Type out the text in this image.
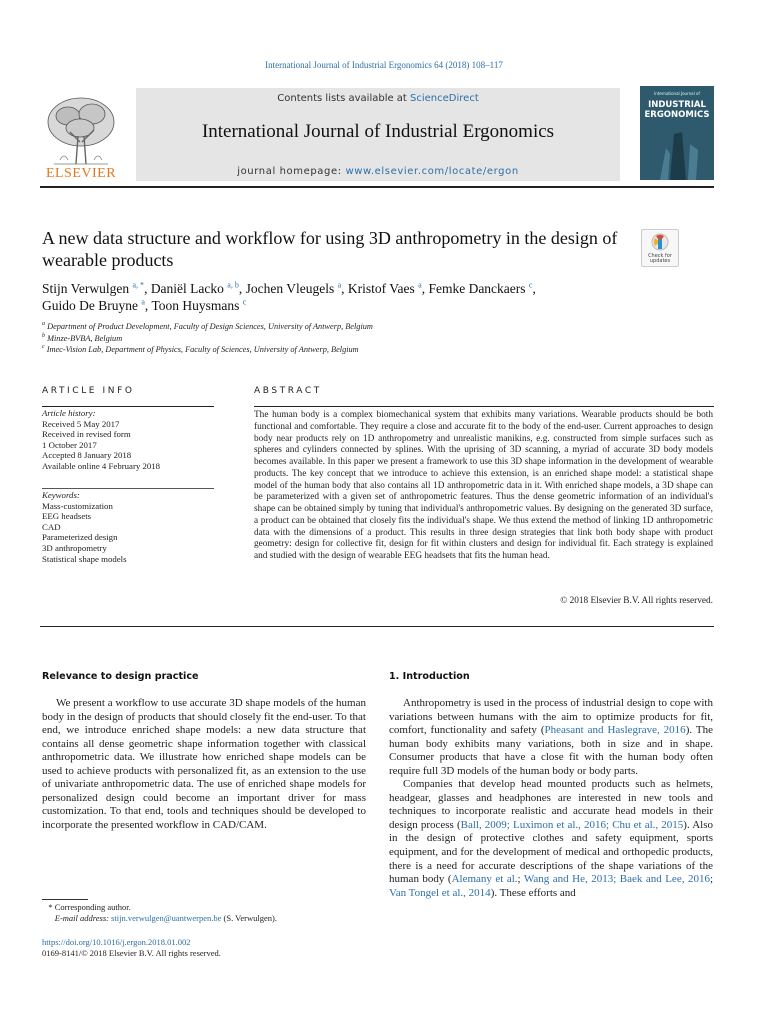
International Journal of Industrial Ergonomics 64 (2018) 108–117
ELSEVIER
Contents lists available at ScienceDirect
International Journal of Industrial Ergonomics
journal homepage: www.elsevier.com/locate/ergon
International Journal of
INDUSTRIAL
ERGONOMICS
A new data structure and workflow for using 3D anthropometry in the design of wearable products	Check for
updates
Stijn Verwulgen $^{a, *}$, Daniël Lacko $^{a, b}$, Jochen Vleugels $^a$, Kristof Vaes $^a$, Femke Danckaers $^c$,
Guido De Bruyne $^a$, Toon Huysmans $^c$
$^a$ Department of Product Development, Faculty of Design Sciences, University of Antwerp, Belgium
$^b$ Minze-BVBA, Belgium
$^c$ Imec-Vision Lab, Department of Physics, Faculty of Sciences, University of Antwerp, Belgium
ARTICLE INFO	ABSTRACT
Article history:
Received 5 May 2017
Received in revised form
1 October 2017
Accepted 8 January 2018
Available online 4 February 2018
Keywords:
Mass-customization
EEG headsets
CAD
Parameterized design
3D anthropometry
Statistical shape models
The human body is a complex biomechanical system that exhibits many variations. Wearable products should be both functional and comfortable. They require a close and accurate fit to the body of the end-user. Current approaches to design body near products rely on 1D anthropometry and unrealistic manikins, e.g. constructed from simple surfaces such as spheres and cylinders connected by splines. With the uprising of 3D scanning, a myriad of accurate 3D body models becomes available. In this paper we present a framework to use this 3D shape information in the development of wearable products. The key concept that we introduce to achieve this extension, is an enriched shape model: a statistical shape model of the human body that also contains all 1D anthropometric data in it. With enriched shape models, a 3D shape can be parameterized with a given set of anthropometric features. Thus the dense geometric information of an individual's shape can be obtained simply by tuning that individual's anthropometric values. By designing on the generated 3D surface, a product can be obtained that closely fits the individual's shape. We thus extend the method of linking 1D anthropometric data with the dimensions of a product. This results in three design strategies that link both body shape with product geometry: design for collective fit, design for fit within clusters and design for individual fit. Each strategy is explained and studied with the design of wearable EEG headsets that fits the human head.
© 2018 Elsevier B.V. All rights reserved.
Relevance to design practice	1. Introduction

We present a workflow to use accurate 3D shape models of the human body in the design of products that should closely fit the end-user. To that end, we introduce enriched shape models: a new data structure that contains all dense geometric shape information together with classical anthropometric data. We illustrate how enriched shape models can be used to achieve products with personalized fit, as an extension to the use of univariate anthropometric data. The use of enriched shape models for personalized design could become an important driver for mass customization. To that end, tools and techniques should be developed to incorporate the presented workflow in CAD/CAM.

Anthropometry is used in the process of industrial design to cope with variations between humans with the aim to optimize products for fit, comfort, functionality and safety (Pheasant and Haslegrave, 2016). The human body exhibits many variations, both in size and in shape. Consumer products that have a close fit with the human body often require full 3D models of the human body or body parts.

Companies that develop head mounted products such as helmets, headgear, glasses and headphones are interested in new tools and techniques to incorporate realistic and accurate head models in their design process (Ball, 2009; Luximon et al., 2016; Chu et al., 2015). Also in the design of protective clothes and safety equipment, sports equipment, and for the development of medical and orthopedic products, there is a need for accurate descriptions of the shape variations of the human body (Alemany et al.; Wang and He, 2013; Baek and Lee, 2016; Van Tongel et al., 2014). These efforts and

* Corresponding author.
E-mail address: stijn.verwulgen@uantwerpen.be (S. Verwulgen).
https://doi.org/10.1016/j.ergon.2018.01.002
0169-8141/© 2018 Elsevier B.V. All rights reserved.
